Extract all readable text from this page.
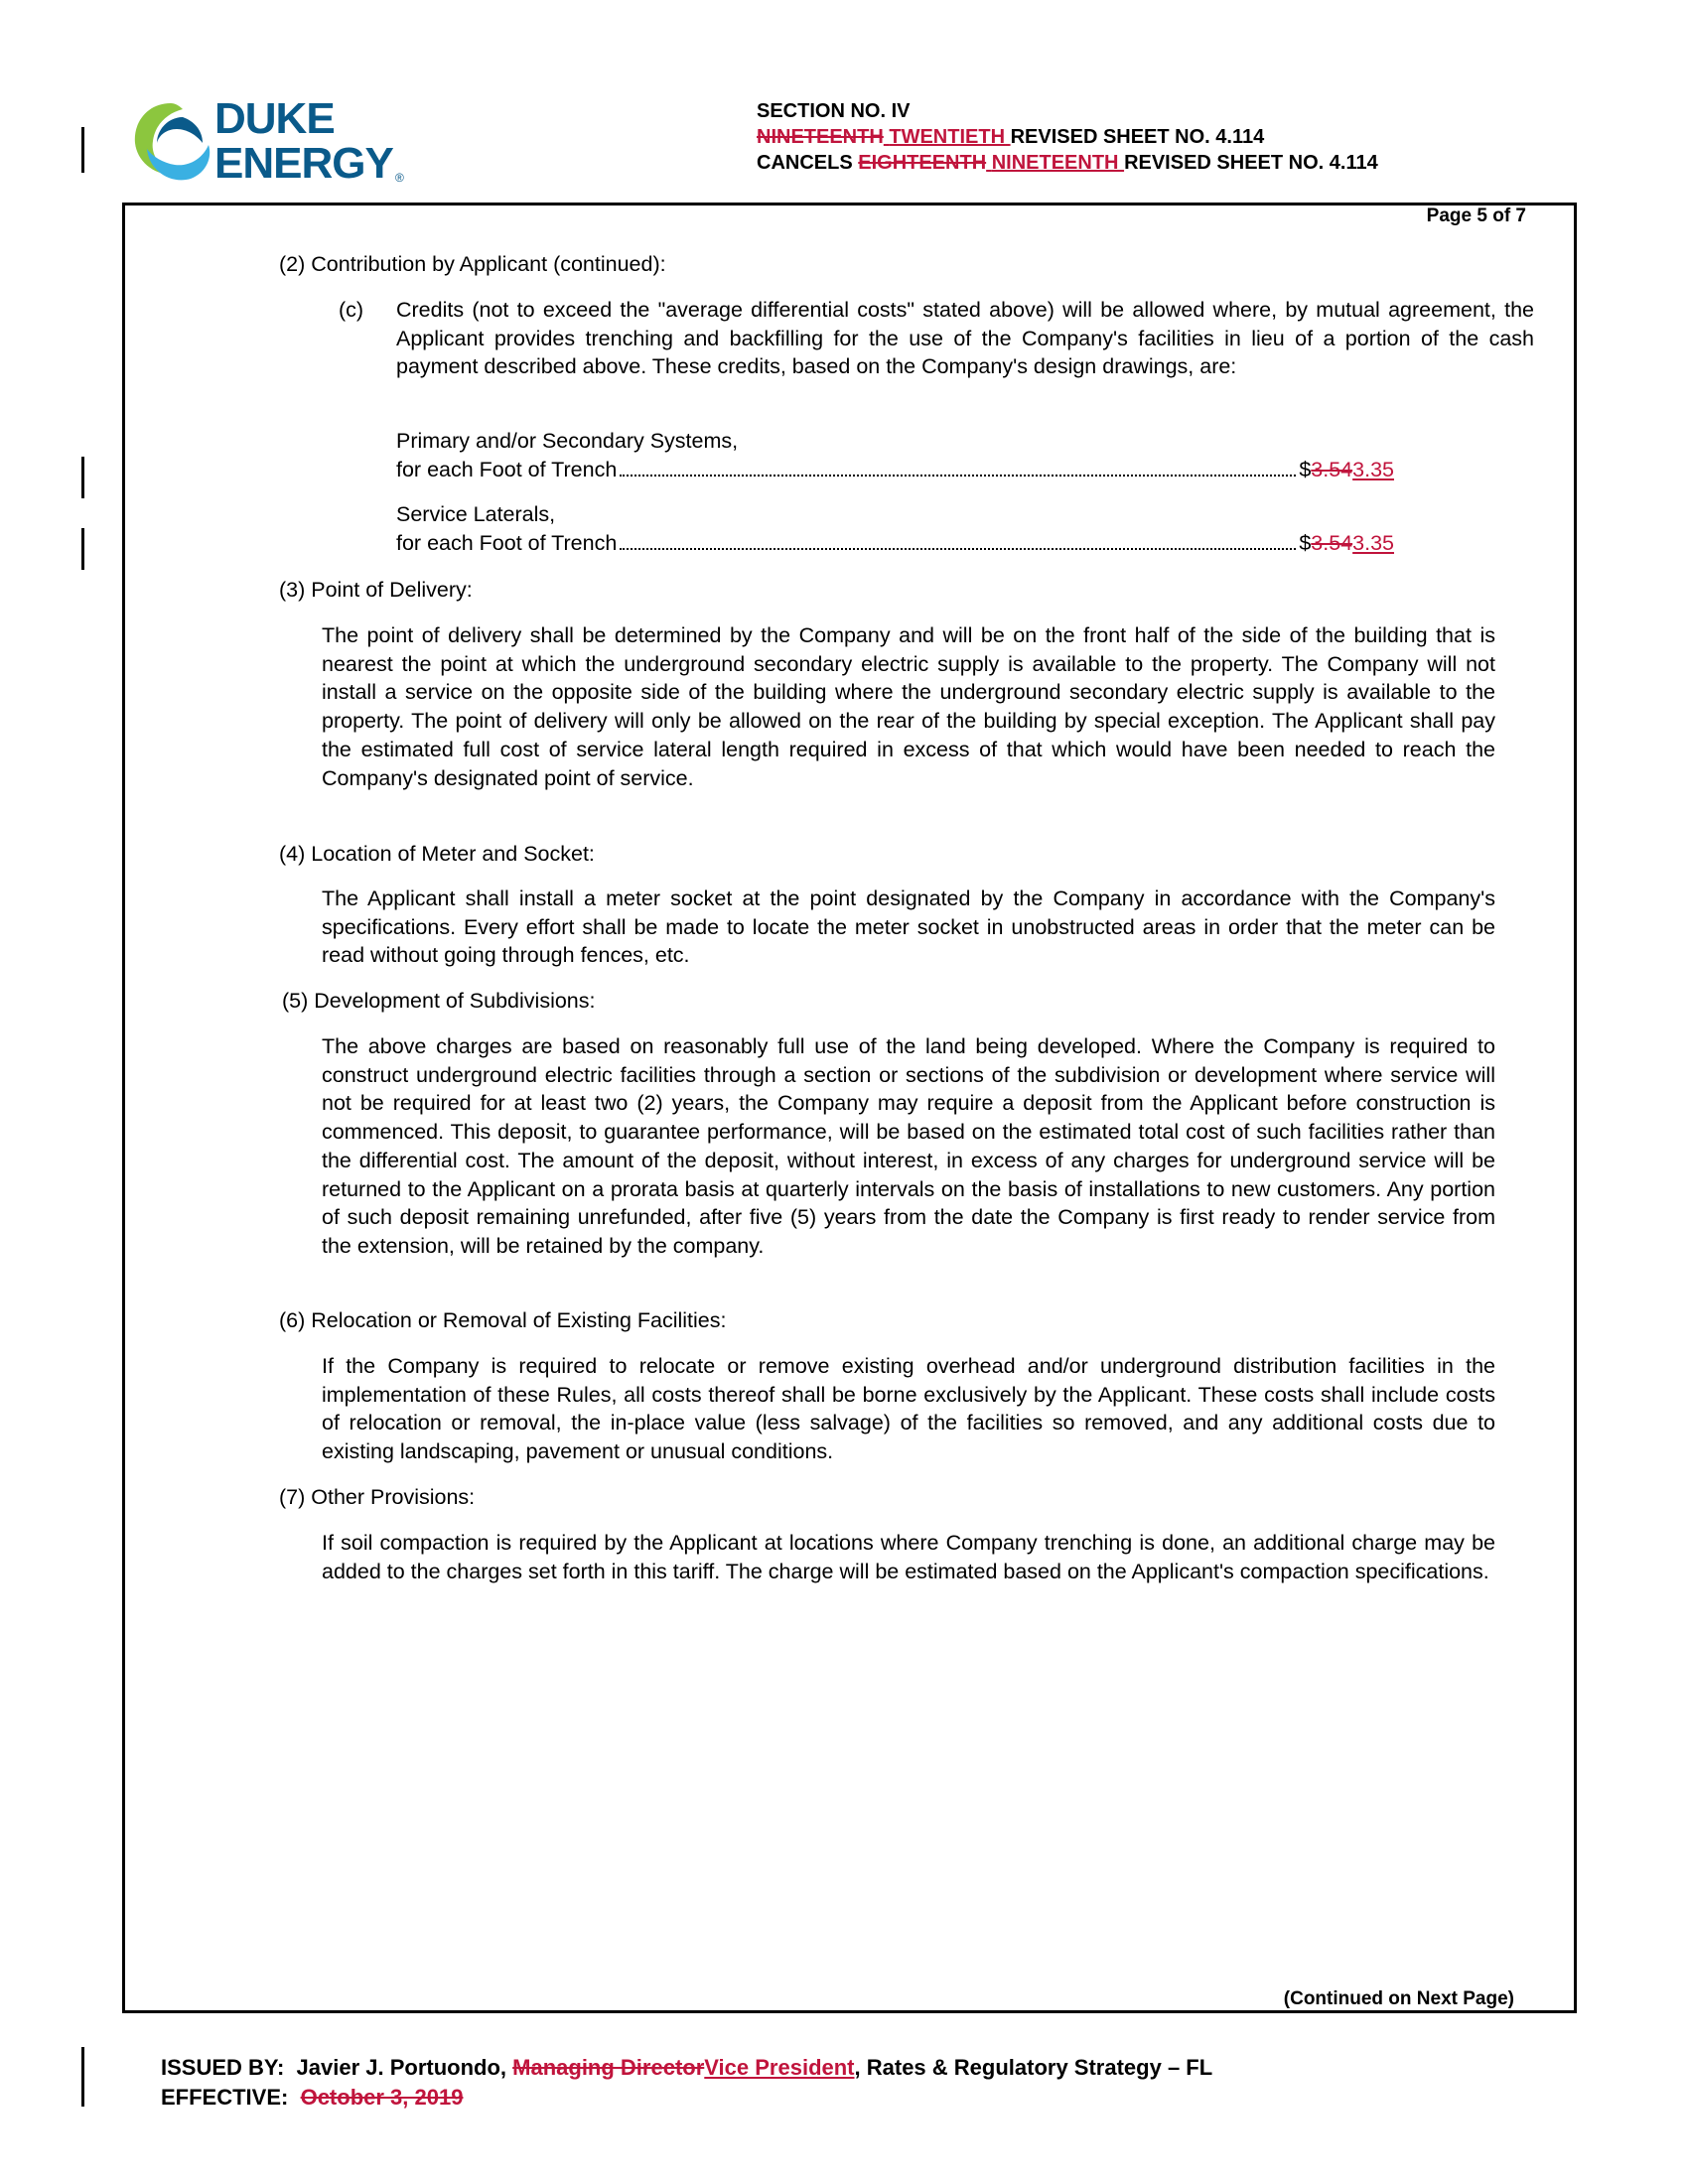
DUKE
ENERGY ®
SECTION NO. IV
NINETEENTH TWENTIETH REVISED SHEET NO. 4.114
CANCELS EIGHTEENTH NINETEENTH REVISED SHEET NO. 4.114
Page 5 of 7
(Continued on Next Page)
(2) Contribution by Applicant (continued):
(c) Credits (not to exceed the "average differential costs" stated above) will be allowed where, by mutual agreement, the Applicant provides trenching and backfilling for the use of the Company's facilities in lieu of a portion of the cash payment described above. These credits, based on the Company's design drawings, are:
Primary and/or Secondary Systems,
for each Foot of Trench	$ 3.54 3.35
Service Laterals,
for each Foot of Trench	$ 3.54 3.35
(3) Point of Delivery:
The point of delivery shall be determined by the Company and will be on the front half of the side of the building that is nearest the point at which the underground secondary electric supply is available to the property. The Company will not install a service on the opposite side of the building where the underground secondary electric supply is available to the property. The point of delivery will only be allowed on the rear of the building by special exception. The Applicant shall pay the estimated full cost of service lateral length required in excess of that which would have been needed to reach the Company's designated point of service.
(4) Location of Meter and Socket:
The Applicant shall install a meter socket at the point designated by the Company in accordance with the Company's specifications. Every effort shall be made to locate the meter socket in unobstructed areas in order that the meter can be read without going through fences, etc.
(5) Development of Subdivisions:
The above charges are based on reasonably full use of the land being developed. Where the Company is required to construct underground electric facilities through a section or sections of the subdivision or development where service will not be required for at least two (2) years, the Company may require a deposit from the Applicant before construction is commenced. This deposit, to guarantee performance, will be based on the estimated total cost of such facilities rather than the differential cost. The amount of the deposit, without interest, in excess of any charges for underground service will be returned to the Applicant on a prorata basis at quarterly intervals on the basis of installations to new customers. Any portion of such deposit remaining unrefunded, after five (5) years from the date the Company is first ready to render service from the extension, will be retained by the company.
(6) Relocation or Removal of Existing Facilities:
If the Company is required to relocate or remove existing overhead and/or underground distribution facilities in the implementation of these Rules, all costs thereof shall be borne exclusively by the Applicant. These costs shall include costs of relocation or removal, the in-place value (less salvage) of the facilities so removed, and any additional costs due to existing landscaping, pavement or unusual conditions.
(7) Other Provisions:
If soil compaction is required by the Applicant at locations where Company trenching is done, an additional charge may be added to the charges set forth in this tariff. The charge will be estimated based on the Applicant's compaction specifications.
ISSUED BY: Javier J. Portuondo, Managing DirectorVice President, Rates & Regulatory Strategy – FL
EFFECTIVE: October 3, 2019
